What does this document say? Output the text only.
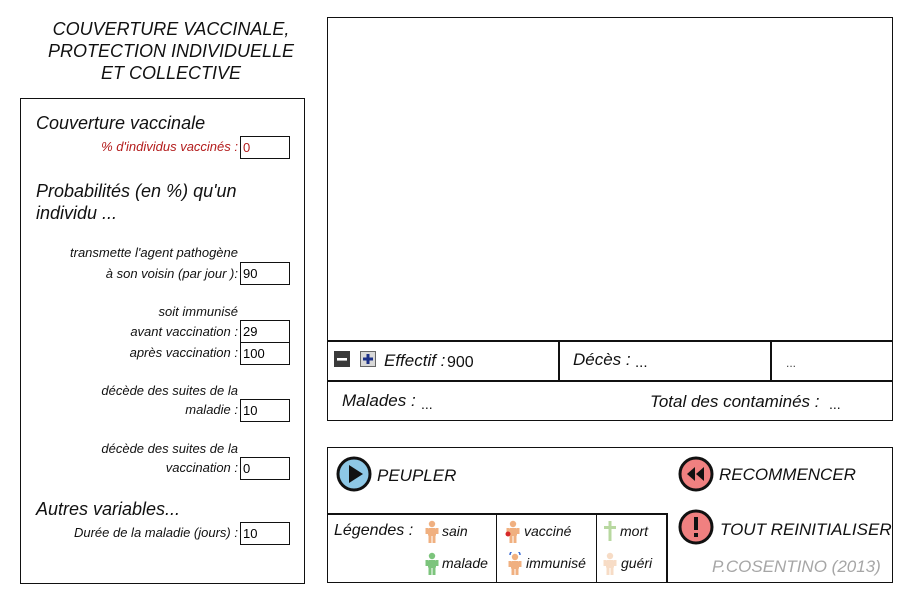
COUVERTURE VACCINALE,
PROTECTION INDIVIDUELLE
ET COLLECTIVE
Couverture vaccinale
% d'individus vaccinés :
0
Probabilités (en %) qu'un
individu ...
transmette l'agent pathogène
à son voisin (par jour ):
90
soit immunisé
avant vaccination :
29
après vaccination :
100
décède des suites de la
maladie :
10
décède des suites de la
vaccination :
0
Autres variables...
Durée de la maladie (jours) :
10
Effectif : 900	Décès : ...	...
Malades : ...	Total des contaminés : ...
PEUPLER	RECOMMENCER
TOUT REINITIALISER
P.COSENTINO (2013)
Légendes : sain
malade
vacciné
immunisé
mort
guéri
